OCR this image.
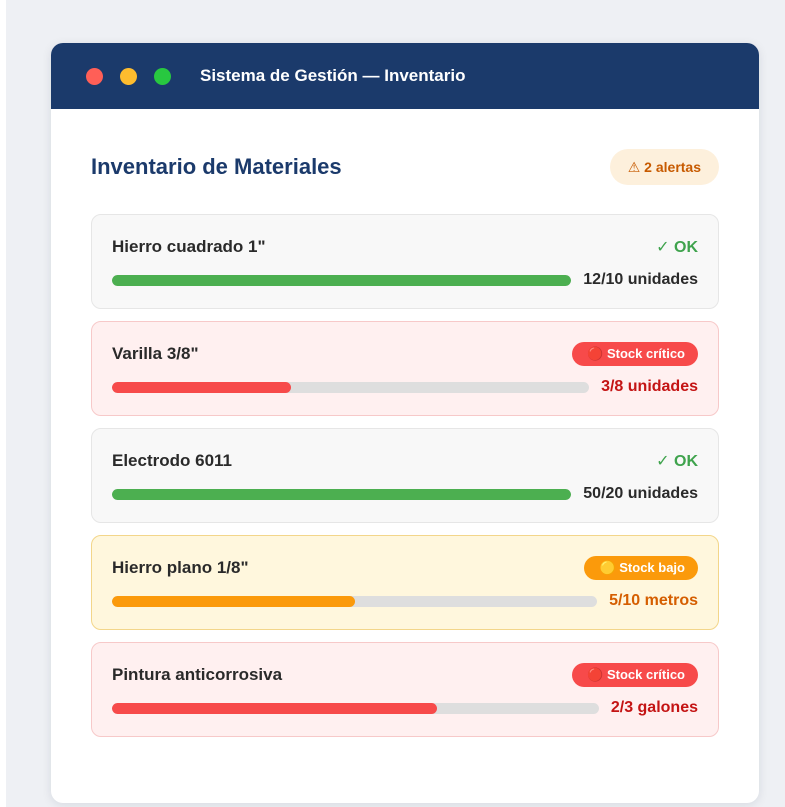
Sistema de Gestión — Inventario
Inventario de Materiales	⚠ 2 alertas
Hierro cuadrado 1"	✓ OK
12/10 unidades
Varilla 3/8"	🔴 Stock crítico
3/8 unidades
Electrodo 6011	✓ OK
50/20 unidades
Hierro plano 1/8"	🟡 Stock bajo
5/10 metros
Pintura anticorrosiva	🔴 Stock crítico
2/3 galones
